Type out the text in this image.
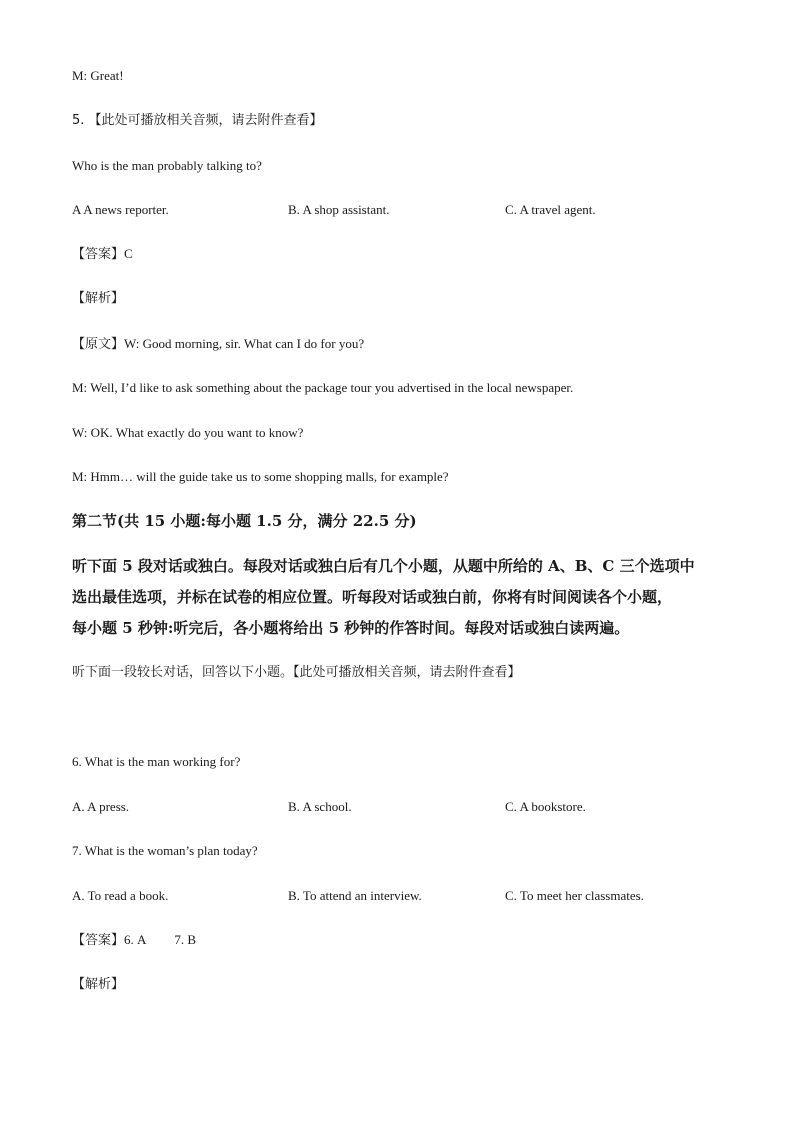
M: Great!
5. 【此处可播放相关音频，请去附件查看】
Who is the man probably talking to?
A A news reporter.	B. A shop assistant.	C. A travel agent.
【答案】C
【解析】
【原文】W: Good morning, sir. What can I do for you?
M: Well, I’d like to ask something about the package tour you advertised in the local newspaper.
W: OK. What exactly do you want to know?
M: Hmm… will the guide take us to some shopping malls, for example?
第二节(共 15 小题:每小题 1.5 分，满分 22.5 分)
听下面 5 段对话或独白。每段对话或独白后有几个小题，从题中所给的 A、B、C 三个选项中
选出最佳选项，并标在试卷的相应位置。听每段对话或独白前，你将有时间阅读各个小题，
每小题 5 秒钟:听完后，各小题将给出 5 秒钟的作答时间。每段对话或独白读两遍。
听下面一段较长对话，回答以下小题。【此处可播放相关音频，请去附件查看】
6. What is the man working for?
A. A press.	B. A school.	C. A bookstore.
7. What is the woman’s plan today?
A. To read a book.	B. To attend an interview.	C. To meet her classmates.
【答案】6. A 7. B
【解析】
